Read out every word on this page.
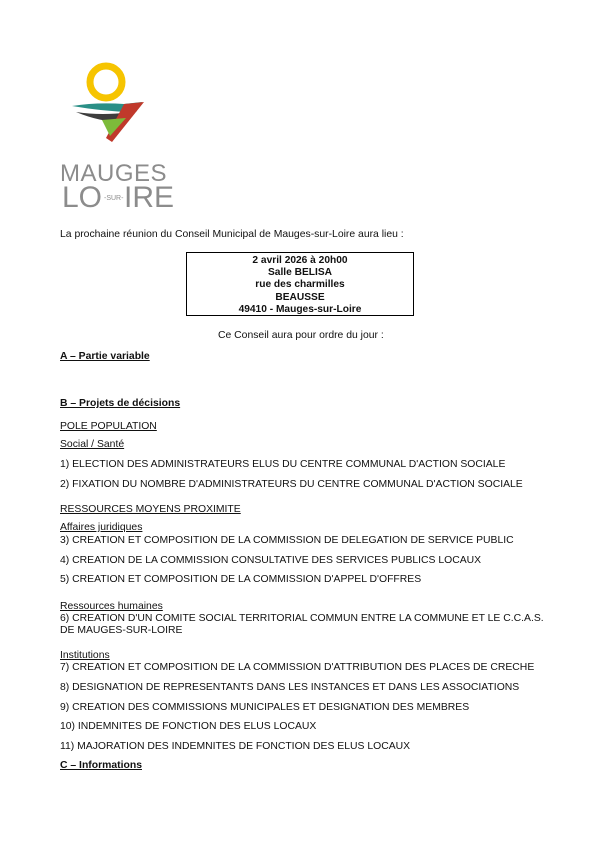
MAUGES
LO -SUR- IRE
La prochaine réunion du Conseil Municipal de Mauges-sur-Loire aura lieu :
2 avril 2026 à 20h00
Salle BELISA
rue des charmilles
BEAUSSE
49410 - Mauges-sur-Loire
Ce Conseil aura pour ordre du jour :
A – Partie variable
B – Projets de décisions
POLE POPULATION
Social / Santé
1) ELECTION DES ADMINISTRATEURS ELUS DU CENTRE COMMUNAL D'ACTION SOCIALE
2) FIXATION DU NOMBRE D'ADMINISTRATEURS DU CENTRE COMMUNAL D'ACTION SOCIALE
RESSOURCES MOYENS PROXIMITE
Affaires juridiques
3) CREATION ET COMPOSITION DE LA COMMISSION DE DELEGATION DE SERVICE PUBLIC
4) CREATION DE LA COMMISSION CONSULTATIVE DES SERVICES PUBLICS LOCAUX
5) CREATION ET COMPOSITION DE LA COMMISSION D'APPEL D'OFFRES
Ressources humaines
6) CREATION D'UN COMITE SOCIAL TERRITORIAL COMMUN ENTRE LA COMMUNE ET LE C.C.A.S.
DE MAUGES-SUR-LOIRE
Institutions
7) CREATION ET COMPOSITION DE LA COMMISSION D'ATTRIBUTION DES PLACES DE CRECHE
8) DESIGNATION DE REPRESENTANTS DANS LES INSTANCES ET DANS LES ASSOCIATIONS
9) CREATION DES COMMISSIONS MUNICIPALES ET DESIGNATION DES MEMBRES
10) INDEMNITES DE FONCTION DES ELUS LOCAUX
11) MAJORATION DES INDEMNITES DE FONCTION DES ELUS LOCAUX
C – Informations
